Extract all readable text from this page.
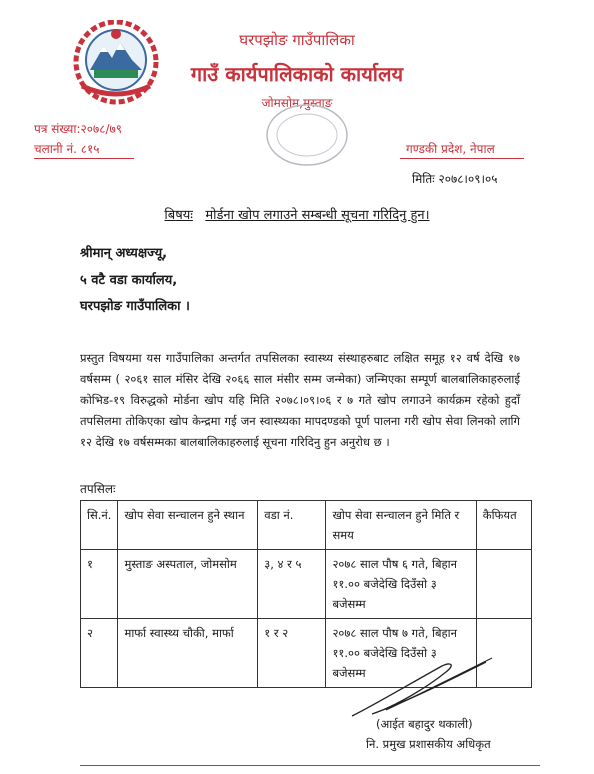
घरपझोङ गाउँपालिका
गाउँ कार्यपालिकाको कार्यालय
जोमसोम,मुस्ताङ
पत्र संख्या:२०७८/७९
चलानी नं. ८१५	गण्डकी प्रदेश, नेपाल
मितिः २०७८।०९।०५
बिषयः मोर्डना खोप लगाउने सम्बन्धी सूचना गरिदिनु हुन।
श्रीमान् अध्यक्षज्यू,
५ वटै वडा कार्यालय,
घरपझोङ गाउँपालिका ।
प्रस्तुत विषयमा यस गाउँपालिका अन्तर्गत तपसिलका स्वास्थ्य संस्थाहरुबाट लक्षित समूह १२ वर्ष देखि १७ वर्षसम्म ( २०६१ साल मंसिर देखि २०६६ साल मंसीर सम्म जन्मेका) जन्मिएका सम्पूर्ण बालबालिकाहरुलाई कोभिड-१९ विरुद्धको मोर्डना खोप यहि मिति २०७८।०९।०६ र ७ गते खोप लगाउने कार्यक्रम रहेको हुदाँ तपसिलमा तोकिएका खोप केन्द्रमा गई जन स्वास्थ्यका मापदण्डको पूर्ण पालना गरी खोप सेवा लिनको लागि १२ देखि १७ वर्षसम्मका बालबालिकाहरुलाई सूचना गरिदिनु हुन अनुरोध छ ।
तपसिलः
सि.नं.	खोप सेवा सन्चालन हुने स्थान	वडा नं.	खोप सेवा सन्चालन हुने मिति र समय	कैफियत
१	मुस्ताङ अस्पताल, जोमसोम	३, ४ र ५	२०७८ साल पौष ६ गते, बिहान ११.०० बजेदेखि दिउँसो ३ बजेसम्म	
२	मार्फा स्वास्थ्य चौकी, मार्फा	१ र २	२०७८ साल पौष ७ गते, बिहान ११.०० बजेदेखि दिउँसो ३ बजेसम्म	
(आईत बहादुर थकाली)
नि. प्रमुख प्रशासकीय अधिकृत
